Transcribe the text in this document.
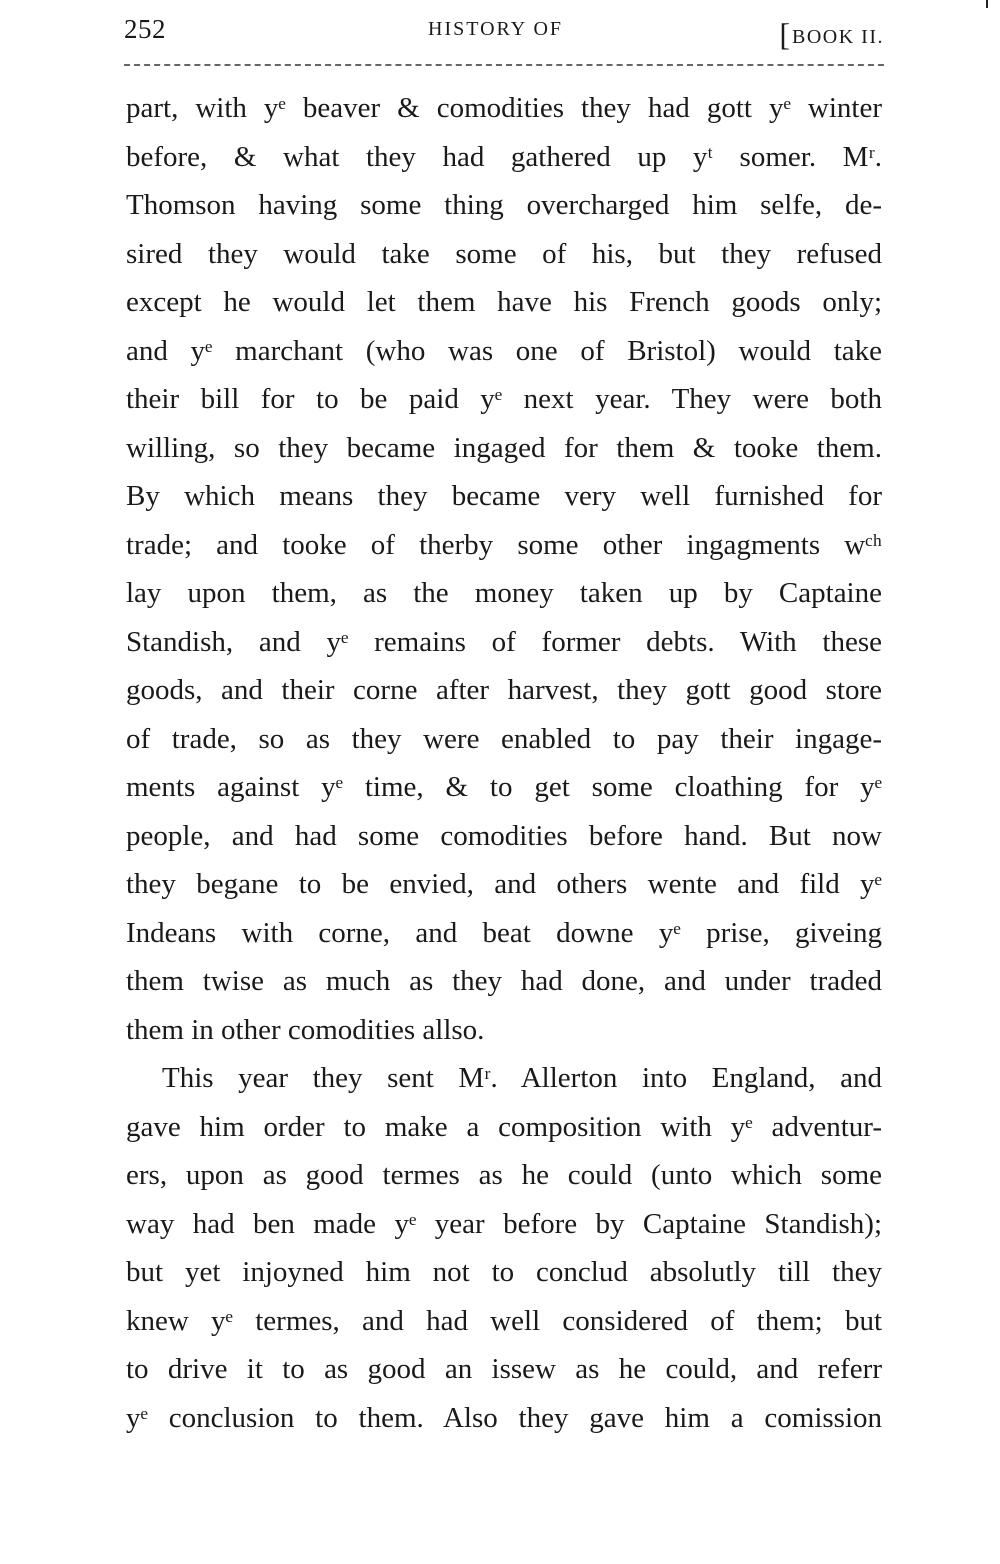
252	HISTORY OF	[BOOK II.
part, with yᵉ beaver & comodities they had gott yᵉ winter
before, & what they had gathered up yᵗ somer. Mʳ.
Thomson having some thing overcharged him selfe, de-
sired they would take some of his, but they refused
except he would let them have his French goods only;
and yᵉ marchant (who was one of Bristol) would take
their bill for to be paid yᵉ next year. They were both
willing, so they became ingaged for them & tooke them.
By which means they became very well furnished for
trade; and tooke of therby some other ingagments wᶜʰ
lay upon them, as the money taken up by Captaine
Standish, and yᵉ remains of former debts. With these
goods, and their corne after harvest, they gott good store
of trade, so as they were enabled to pay their ingage-
ments against yᵉ time, & to get some cloathing for yᵉ
people, and had some comodities before hand. But now
they begane to be envied, and others wente and fild yᵉ
Indeans with corne, and beat downe yᵉ prise, giveing
them twise as much as they had done, and under traded
them in other comodities allso.
This year they sent Mʳ. Allerton into England, and
gave him order to make a composition with yᵉ adventur-
ers, upon as good termes as he could (unto which some
way had ben made yᵉ year before by Captaine Standish);
but yet injoyned him not to conclud absolutly till they
knew yᵉ termes, and had well considered of them; but
to drive it to as good an issew as he could, and referr
yᵉ conclusion to them. Also they gave him a comission
